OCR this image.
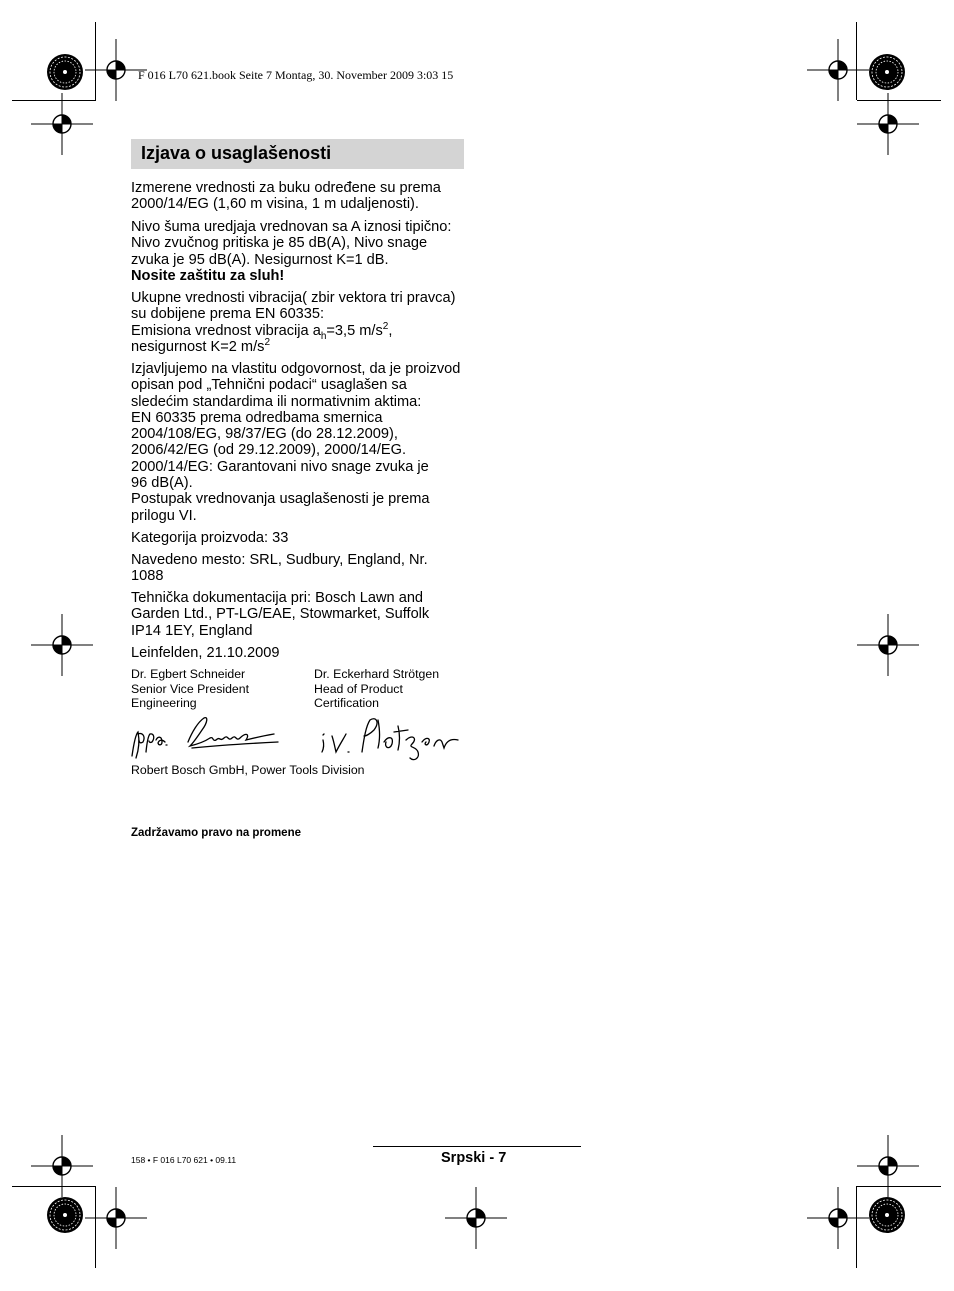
F 016 L70 621.book Seite 7 Montag, 30. November 2009 3:03 15
Izjava o usaglašenosti

Izmerene vrednosti za buku određene su prema 2000/14/EG (1,60 m visina, 1 m udaljenosti).

Nivo šuma uredjaja vrednovan sa A iznosi tipično:

Nivo zvučnog pritiska je 85 dB(A), Nivo snage

zvuka je 95 dB(A). Nesigurnost K=1 dB.

Nosite zaštitu za sluh!

Ukupne vrednosti vibracija( zbir vektora tri pravca)

su dobijene prema EN 60335:

Emisiona vrednost vibracija $a_h=3,5$ $m/s^2$,

nesigurnost K=2 $m/s^2$

Izjavljujemo na vlastitu odgovornost, da je proizvod

opisan pod „Tehnični podaci“ usaglašen sa

sledećim standardima ili normativnim aktima:

EN 60335 prema odredbama smernica

2004/108/EG, 98/37/EG (do 28.12.2009),

2006/42/EG (od 29.12.2009), 2000/14/EG.

2000/14/EG: Garantovani nivo snage zvuka je

96 dB(A).

Postupak vrednovanja usaglašenosti je prema

prilogu VI.

Kategorija proizvoda: 33

Navedeno mesto: SRL, Sudbury, England, Nr.

1088

Tehnička dokumentacija pri: Bosch Lawn and

Garden Ltd., PT-LG/EAE, Stowmarket, Suffolk

IP14 1EY, England

Leinfelden, 21.10.2009

Dr. Egbert Schneider
Senior Vice President
Engineering
Dr. Eckerhard Strötgen
Head of Product
Certification
Robert Bosch GmbH, Power Tools Division
Zadržavamo pravo na promene
158 • F 016 L70 621 • 09.11	Srpski - 7
